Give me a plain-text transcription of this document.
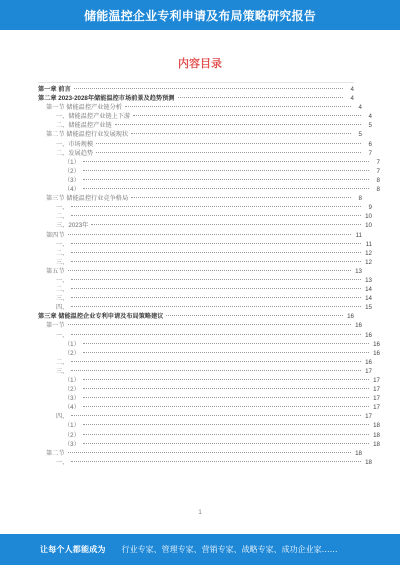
储能温控企业专利申请及布局策略研究报告
内容目录
第一章 前言	4
第二章 2023-2028年储能温控市场前景及趋势预测	4
第一节 储能温控产业链分析	4
一、储能温控产业链上下游	4
二、储能温控产业链	5
第二节 储能温控行业发展现状	5
一、市场规模	6
二、发展趋势	7
（1）	7
（2）	7
（3）	8
（4）	8
第三节 储能温控行业竞争格局	8
一、	9
二、	10
三、2023年	10
第四节	11
一、	11
二、	12
三、	12
第五节	13
一、	13
二、	14
三、	14
四、	15
第三章 储能温控企业专利申请及布局策略建议	16
第一节	16
一、	16
（1）	16
（2）	16
二、	16
三、	17
（1）	17
（2）	17
（3）	17
（4）	17
四、	17
（1）	18
（2）	18
（3）	18
第二节	18
一、	18
1
让每个人都能成为 行业专家、管理专家、营销专家、战略专家、成功企业家……
